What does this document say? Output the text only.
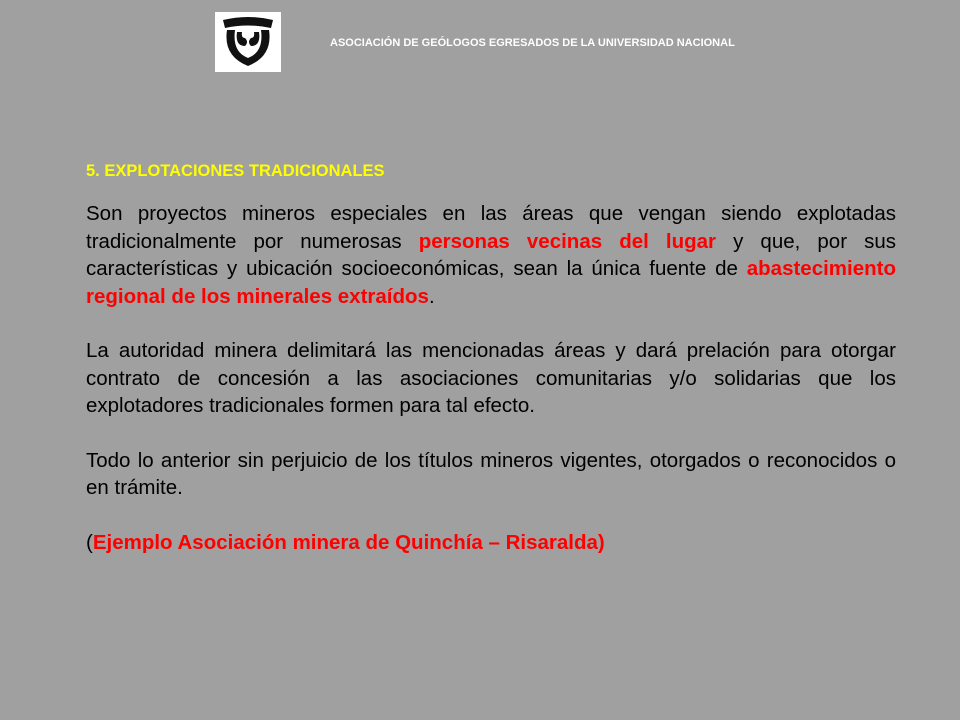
ASOCIACIÓN DE GEÓLOGOS EGRESADOS DE LA UNIVERSIDAD NACIONAL
5. EXPLOTACIONES TRADICIONALES

Son proyectos mineros especiales en las áreas que vengan siendo explotadas tradicionalmente por numerosas personas vecinas del lugar y que, por sus características y ubicación socioeconómicas, sean la única fuente de abastecimiento regional de los minerales extraídos.

La autoridad minera delimitará las mencionadas áreas y dará prelación para otorgar contrato de concesión a las asociaciones comunitarias y/o solidarias que los explotadores tradicionales formen para tal efecto.

Todo lo anterior sin perjuicio de los títulos mineros vigentes, otorgados o reconocidos o en trámite.

(Ejemplo Asociación minera de Quinchía – Risaralda)
